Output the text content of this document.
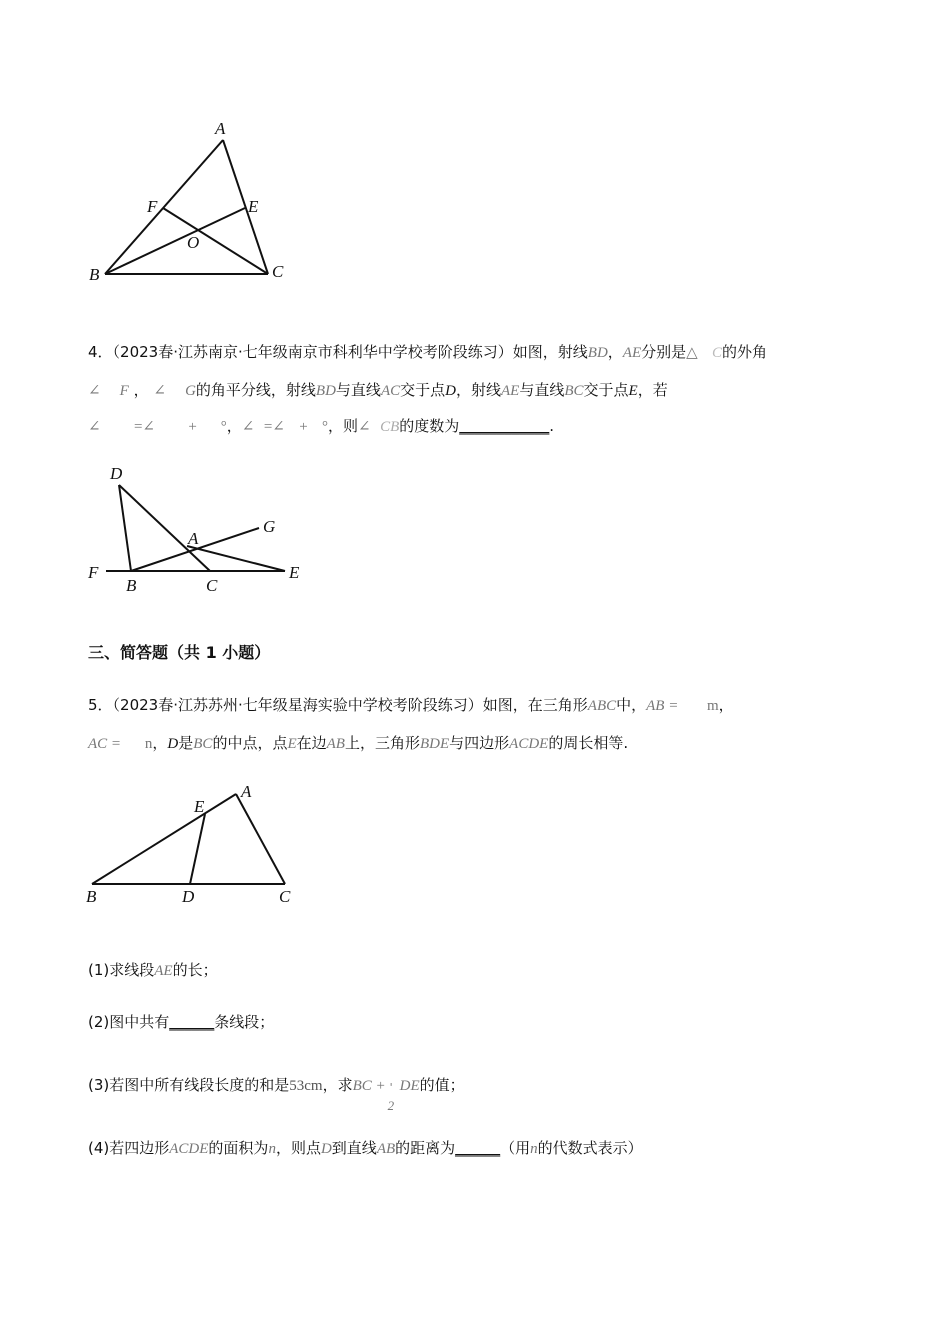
A
F	E
O
B	C
4．（2023春·江苏南京·七年级南京市科利华中学校考阶段练习）如图，射线BD，AE分别是△ C的外角
∠ F ， ∠ G的角平分线，射线BD与直线AC交于点D，射线AE与直线BC交于点E，若
∠ =∠ + °，∠ =∠ + °，则∠ CB的度数为____________.
D
A
G
F
B	C
E
三、简答题（共 1 小题）
5．（2023春·江苏苏州·七年级星海实验中学校考阶段练习）如图，在三角形ABC中，AB = m，
AC = n，D是BC的中点，点E在边AB上，三角形BDE与四边形ACDE的周长相等.
E
A
B	D	C
(1)求线段AE的长；
(2)图中共有______条线段；
(3)若图中所有线段长度的和是53cm，求BC + '
2
DE的值；
(4)若四边形ACDE的面积为n，则点D到直线AB的距离为______（用n的代数式表示）
